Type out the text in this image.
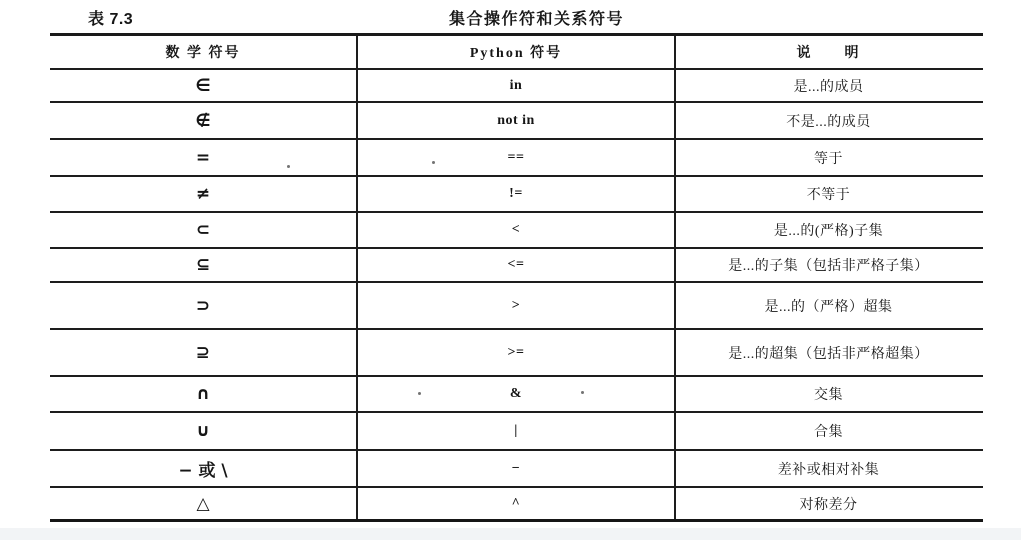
表 7.3	集合操作符和关系符号
数 学 符号	Python 符号	说　　明
∈	in	是...的成员
∉	not in	不是...的成员
=	==	等于
≠	!=	不等于
⊂	<	是...的(严格)子集
⊆	<=	是...的子集（包括非严格子集）
⊃	>	是...的（严格）超集
⊇	>=	是...的超集（包括非严格超集）
∩	&	交集
∪	|	合集
− 或 \	−	差补或相对补集
△	^	对称差分
